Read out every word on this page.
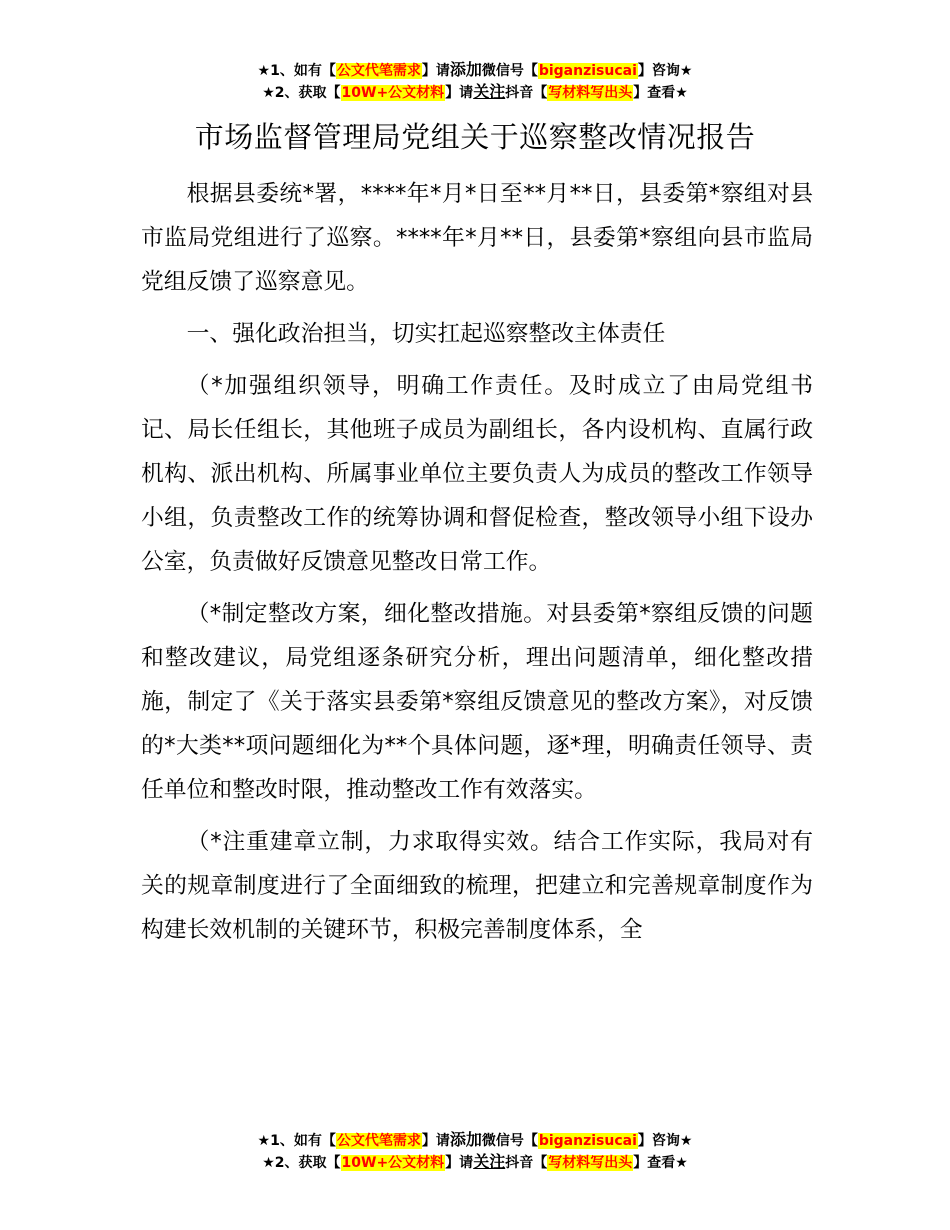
★1、如有【公文代笔需求】请添加微信号【biganzisucai】咨询★
★2、获取【10W+公文材料】请关注抖音【写材料写出头】查看★
市场监督管理局党组关于巡察整改情况报告

根据县委统*署，****年*月*日至**月**日，县委第*察组对县市监局党组进行了巡察。****年*月**日，县委第*察组向县市监局党组反馈了巡察意见。

一、强化政治担当，切实扛起巡察整改主体责任

（*加强组织领导，明确工作责任。及时成立了由局党组书记、局长任组长，其他班子成员为副组长，各内设机构、直属行政机构、派出机构、所属事业单位主要负责人为成员的整改工作领导小组，负责整改工作的统筹协调和督促检查，整改领导小组下设办公室，负责做好反馈意见整改日常工作。

（*制定整改方案，细化整改措施。对县委第*察组反馈的问题和整改建议，局党组逐条研究分析，理出问题清单，细化整改措施，制定了《关于落实县委第*察组反馈意见的整改方案》，对反馈的*大类**项问题细化为**个具体问题，逐*理，明确责任领导、责任单位和整改时限，推动整改工作有效落实。

（*注重建章立制，力求取得实效。结合工作实际，我局对有关的规章制度进行了全面细致的梳理，把建立和完善规章制度作为构建长效机制的关键环节，积极完善制度体系，全

★1、如有【公文代笔需求】请添加微信号【biganzisucai】咨询★
★2、获取【10W+公文材料】请关注抖音【写材料写出头】查看★
